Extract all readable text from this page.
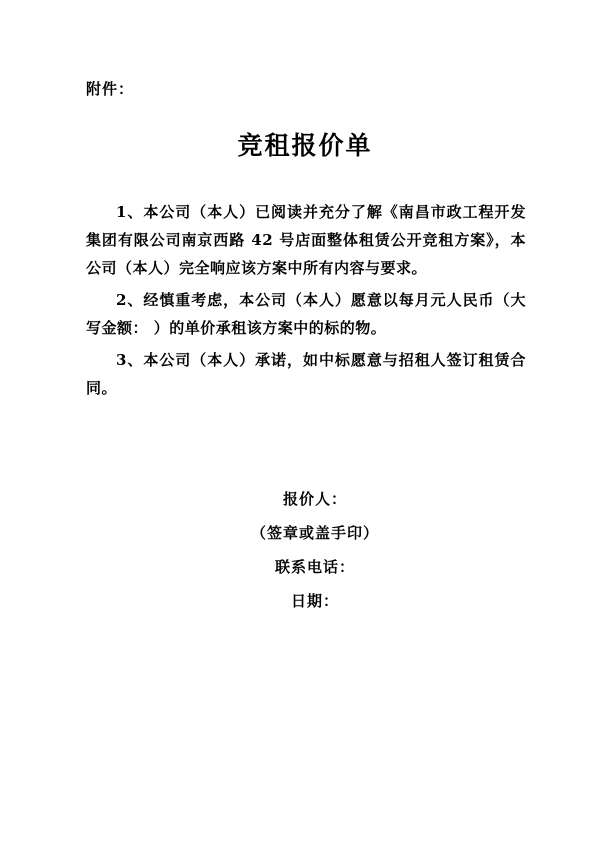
附件：
竞租报价单

1、本公司（本人）已阅读并充分了解《南昌市政工程开发集团有限公司南京西路 42 号店面整体租赁公开竞租方案》，本公司（本人）完全响应该方案中所有内容与要求。

2、经慎重考虑，本公司（本人）愿意以每月元人民币（大写金额： ）的单价承租该方案中的标的物。

3、本公司（本人）承诺，如中标愿意与招租人签订租赁合同。

报价人：
（签章或盖手印）
联系电话：
日期：
